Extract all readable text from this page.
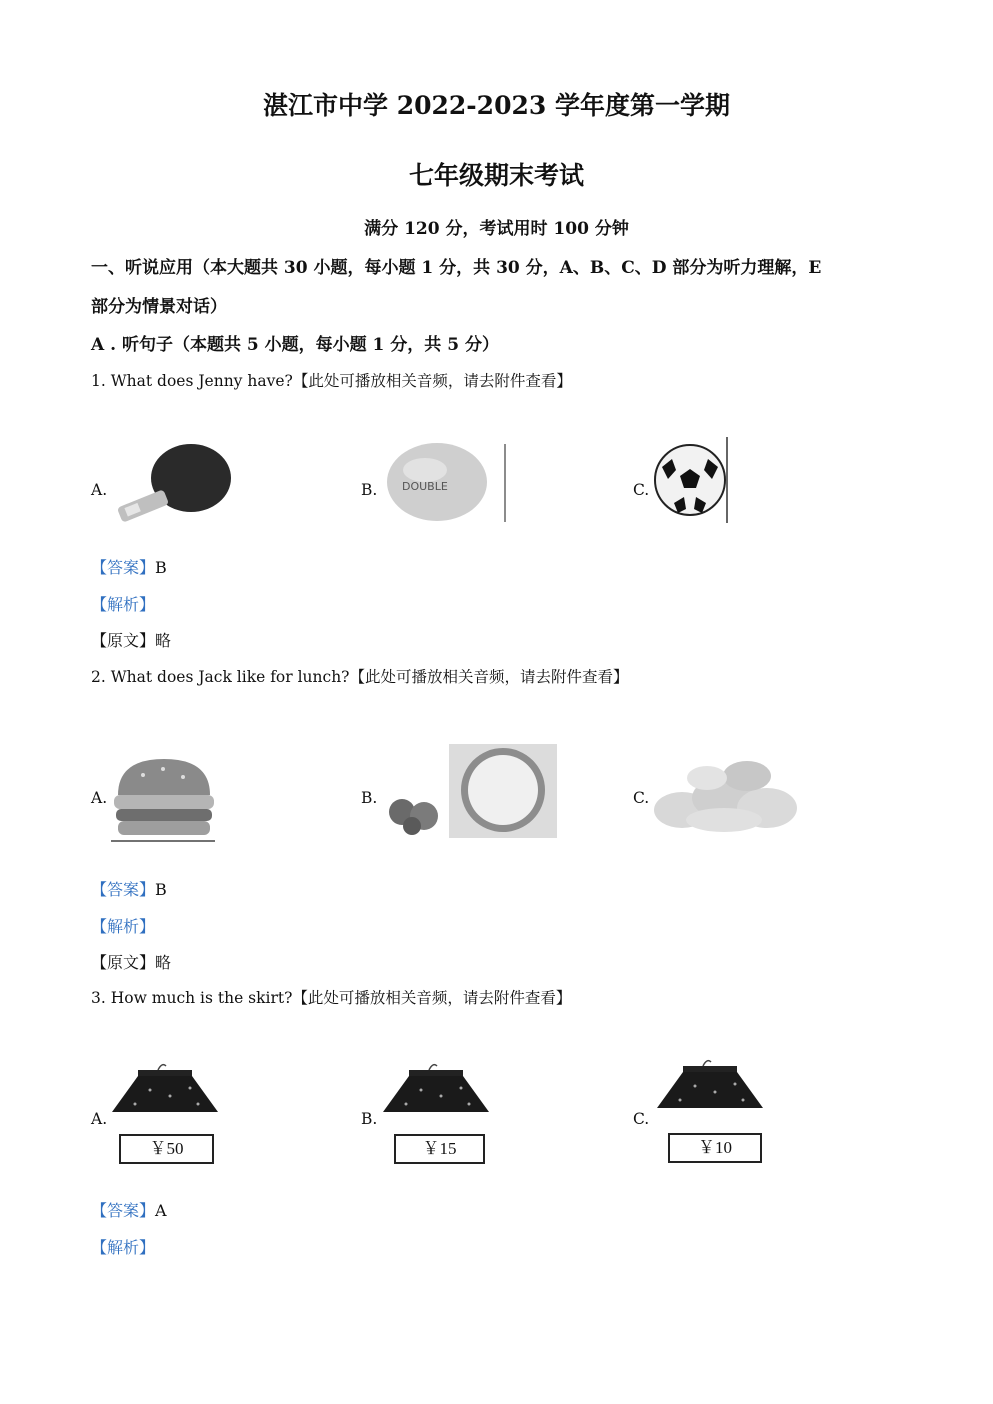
湛江市中学 2022-2023 学年度第一学期
七年级期末考试
满分 120 分，考试用时 100 分钟
一、听说应用（本大题共 30 小题，每小题 1 分，共 30 分，A、B、C、D 部分为听力理解，E
部分为情景对话）
A . 听句子（本题共 5 小题，每小题 1 分，共 5 分）
1. What does Jenny have?【此处可播放相关音频，请去附件查看】
A.	B. DOUBLE	C.
【答案】B
【解析】
【原文】略
2. What does Jack like for lunch?【此处可播放相关音频，请去附件查看】
A.	B.	C.
【答案】B
【解析】
【原文】略
3. How much is the skirt?【此处可播放相关音频，请去附件查看】
A.
￥50
B.
￥15
C.
￥10
【答案】A
【解析】
